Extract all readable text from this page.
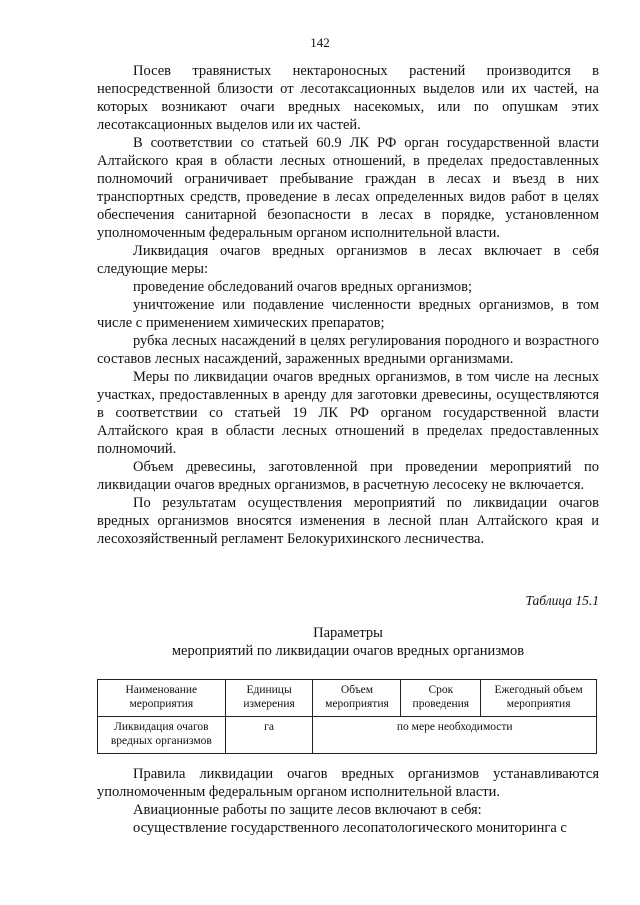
142

Посев травянистых нектароносных растений производится в непосредственной близости от лесотаксационных выделов или их частей, на которых возникают очаги вредных насекомых, или по опушкам этих лесотаксационных выделов или их частей.

В соответствии со статьей 60.9 ЛК РФ орган государственной власти Алтайского края в области лесных отношений, в пределах предоставленных полномочий ограничивает пребывание граждан в лесах и въезд в них транспортных средств, проведение в лесах определенных видов работ в целях обеспечения санитарной безопасности в лесах в порядке, установленном уполномоченным федеральным органом исполнительной власти.

Ликвидация очагов вредных организмов в лесах включает в себя следующие меры:

проведение обследований очагов вредных организмов;

уничтожение или подавление численности вредных организмов, в том числе с применением химических препаратов;

рубка лесных насаждений в целях регулирования породного и возрастного составов лесных насаждений, зараженных вредными организмами.

Меры по ликвидации очагов вредных организмов, в том числе на лесных участках, предоставленных в аренду для заготовки древесины, осуществляются в соответствии со статьей 19 ЛК РФ органом государственной власти Алтайского края в области лесных отношений в пределах предоставленных полномочий.

Объем древесины, заготовленной при проведении мероприятий по ликвидации очагов вредных организмов, в расчетную лесосеку не включается.

По результатам осуществления мероприятий по ликвидации очагов вредных организмов вносятся изменения в лесной план Алтайского края и лесохозяйственный регламент Белокурихинского лесничества.

Таблица 15.1
Параметры
мероприятий по ликвидации очагов вредных организмов
Наименование мероприятия	Единицы измерения	Объем мероприятия	Срок проведения	Ежегодный объем мероприятия
Ликвидация очагов вредных организмов	га	по мере необходимости		

Правила ликвидации очагов вредных организмов устанавливаются уполномоченным федеральным органом исполнительной власти.

Авиационные работы по защите лесов включают в себя:

осуществление государственного лесопатологического мониторинга с
